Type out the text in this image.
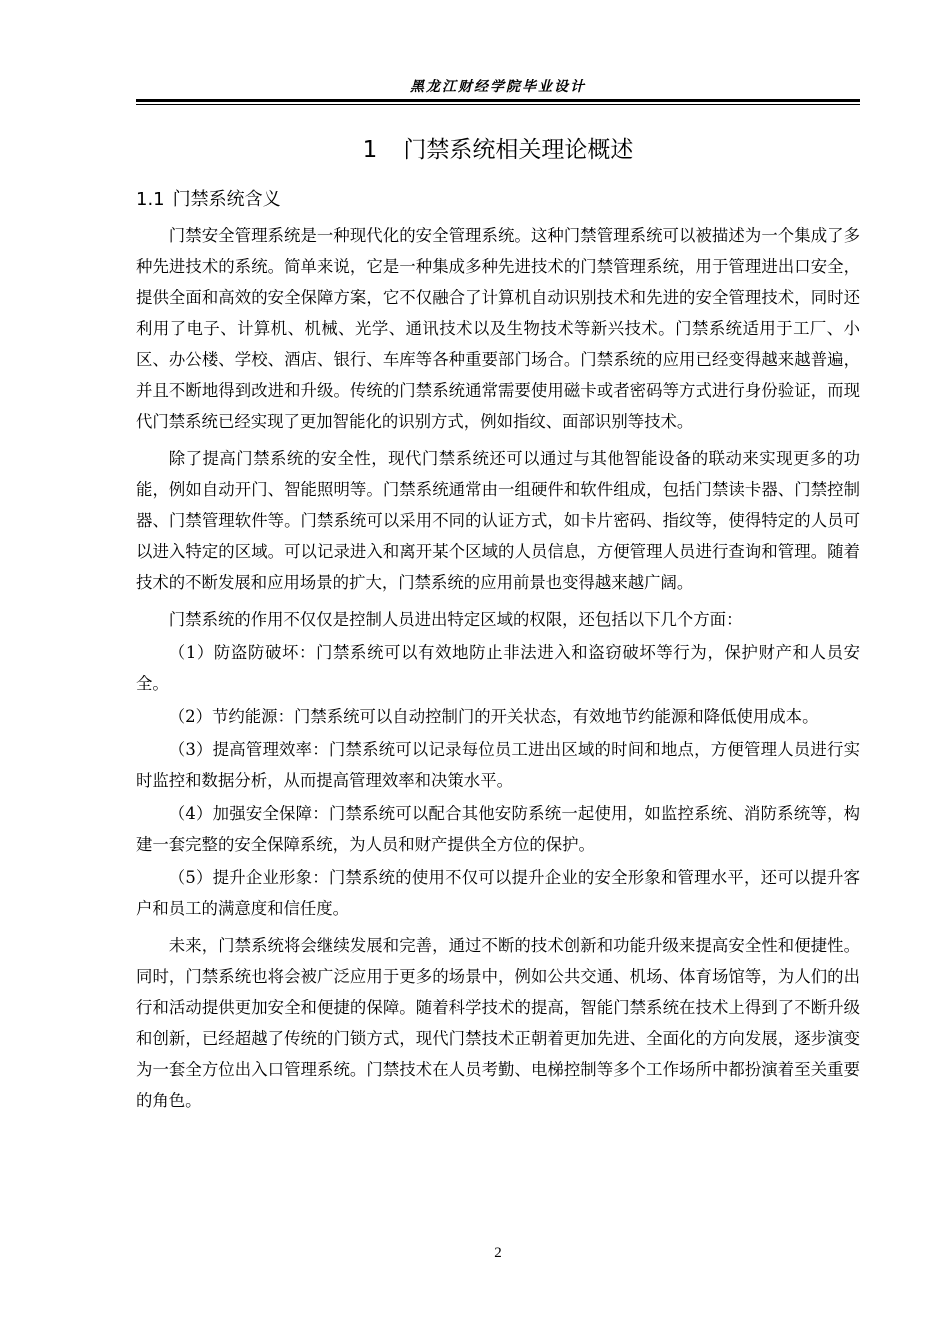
黑龙江财经学院毕业设计
1 门禁系统相关理论概述
1.1 门禁系统含义

门禁安全管理系统是一种现代化的安全管理系统。这种门禁管理系统可以被描述为一个集成了多种先进技术的系统。简单来说，它是一种集成多种先进技术的门禁管理系统，用于管理进出口安全，提供全面和高效的安全保障方案，它不仅融合了计算机自动识别技术和先进的安全管理技术，同时还利用了电子、计算机、机械、光学、通讯技术以及生物技术等新兴技术。门禁系统适用于工厂、小区、办公楼、学校、酒店、银行、车库等各种重要部门场合。门禁系统的应用已经变得越来越普遍，并且不断地得到改进和升级。传统的门禁系统通常需要使用磁卡或者密码等方式进行身份验证，而现代门禁系统已经实现了更加智能化的识别方式，例如指纹、面部识别等技术。

除了提高门禁系统的安全性，现代门禁系统还可以通过与其他智能设备的联动来实现更多的功能，例如自动开门、智能照明等。门禁系统通常由一组硬件和软件组成，包括门禁读卡器、门禁控制器、门禁管理软件等。门禁系统可以采用不同的认证方式，如卡片密码、指纹等，使得特定的人员可以进入特定的区域。可以记录进入和离开某个区域的人员信息，方便管理人员进行查询和管理。随着技术的不断发展和应用场景的扩大，门禁系统的应用前景也变得越来越广阔。

门禁系统的作用不仅仅是控制人员进出特定区域的权限，还包括以下几个方面：

（1）防盗防破坏：门禁系统可以有效地防止非法进入和盗窃破坏等行为，保护财产和人员安全。

（2）节约能源：门禁系统可以自动控制门的开关状态，有效地节约能源和降低使用成本。

（3）提高管理效率：门禁系统可以记录每位员工进出区域的时间和地点，方便管理人员进行实时监控和数据分析，从而提高管理效率和决策水平。

（4）加强安全保障：门禁系统可以配合其他安防系统一起使用，如监控系统、消防系统等，构建一套完整的安全保障系统，为人员和财产提供全方位的保护。

（5）提升企业形象：门禁系统的使用不仅可以提升企业的安全形象和管理水平，还可以提升客户和员工的满意度和信任度。

未来，门禁系统将会继续发展和完善，通过不断的技术创新和功能升级来提高安全性和便捷性。同时，门禁系统也将会被广泛应用于更多的场景中，例如公共交通、机场、体育场馆等，为人们的出行和活动提供更加安全和便捷的保障。随着科学技术的提高，智能门禁系统在技术上得到了不断升级和创新，已经超越了传统的门锁方式，现代门禁技术正朝着更加先进、全面化的方向发展，逐步演变为一套全方位出入口管理系统。门禁技术在人员考勤、电梯控制等多个工作场所中都扮演着至关重要的角色。

2
